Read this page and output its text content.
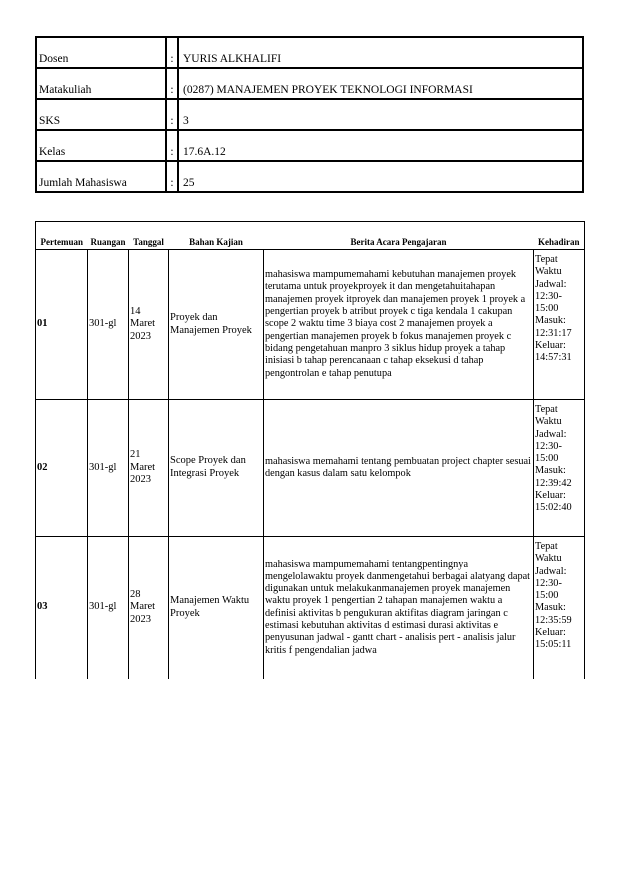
Dosen	:	YURIS ALKHALIFI
Matakuliah	:	(0287) MANAJEMEN PROYEK TEKNOLOGI INFORMASI
SKS	:	3
Kelas	:	17.6A.12
Jumlah Mahasiswa	:	25
Pertemuan	Ruangan	Tanggal	Bahan Kajian	Berita Acara Pengajaran	Kehadiran
01	301-gl	14 Maret 2023	Proyek dan Manajemen Proyek	mahasiswa mampumemahami kebutuhan manajemen proyek terutama untuk proyekproyek it dan mengetahuitahapan manajemen proyek itproyek dan manajemen proyek 1 proyek a pengertian proyek b atribut proyek c tiga kendala 1 cakupan scope 2 waktu time 3 biaya cost 2 manajemen proyek a pengertian manajemen proyek b fokus manajemen proyek c bidang pengetahuan manpro 3 siklus hidup proyek a tahap inisiasi b tahap perencanaan c tahap eksekusi d tahap pengontrolan e tahap penutupa	Tepat Waktu Jadwal: 12:30-15:00 Masuk: 12:31:17 Keluar: 14:57:31
02	301-gl	21 Maret 2023	Scope Proyek dan Integrasi Proyek	mahasiswa memahami tentang pembuatan project chapter sesuai dengan kasus dalam satu kelompok	Tepat Waktu Jadwal: 12:30-15:00 Masuk: 12:39:42 Keluar: 15:02:40
03	301-gl	28 Maret 2023	Manajemen Waktu Proyek	mahasiswa mampumemahami tentangpentingnya mengelolawaktu proyek danmengetahui berbagai alatyang dapat digunakan untuk melakukanmanajemen proyek manajemen waktu proyek 1 pengertian 2 tahapan manajemen waktu a definisi aktivitas b pengukuran aktifitas diagram jaringan c estimasi kebutuhan aktivitas d estimasi durasi aktivitas e penyusunan jadwal - gantt chart - analisis pert - analisis jalur kritis f pengendalian jadwa	Tepat Waktu Jadwal: 12:30-15:00 Masuk: 12:35:59 Keluar: 15:05:11
